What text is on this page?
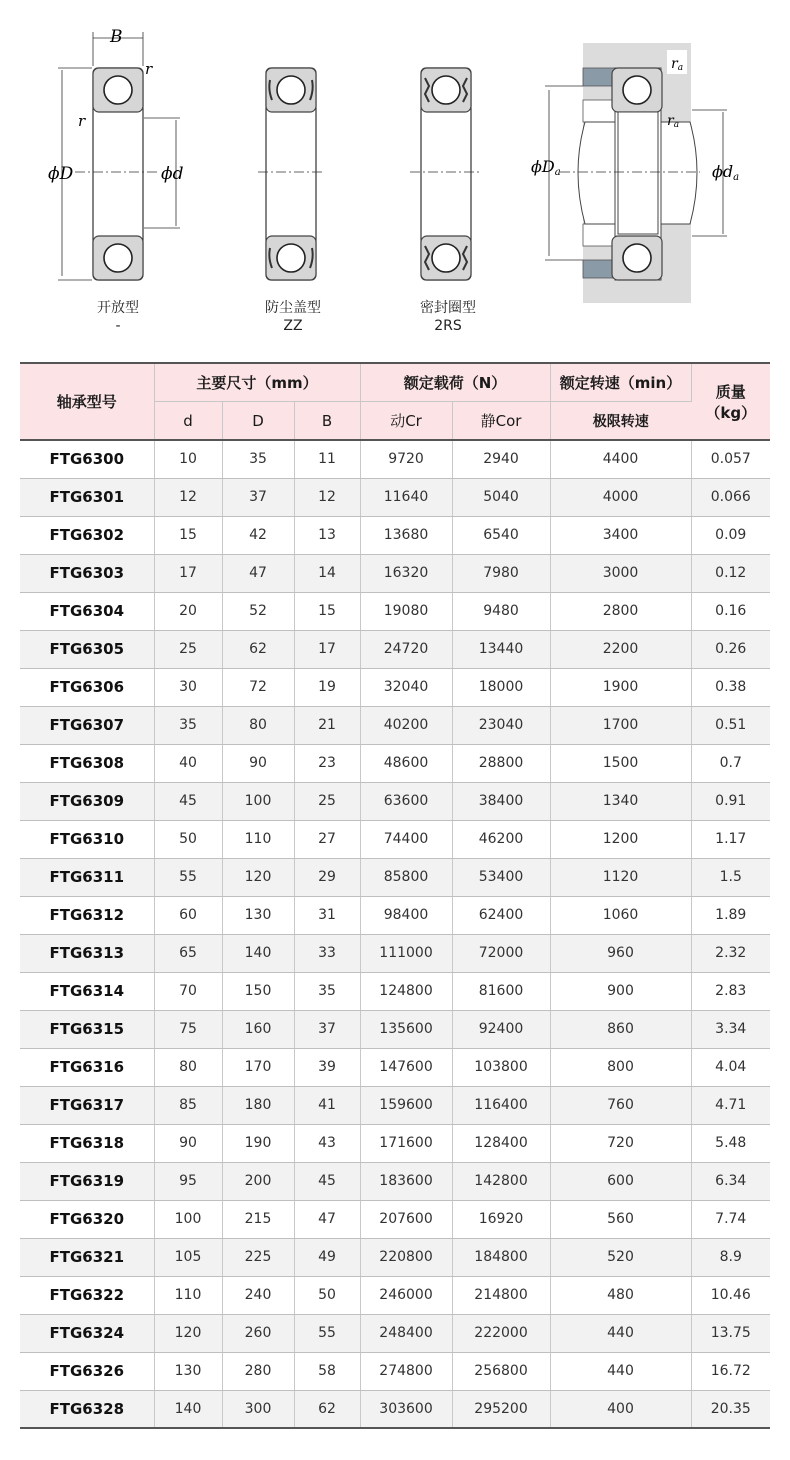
B
r
r
ϕD	ϕd
ra
ra
ϕDa	ϕda
开放型
-
防尘盖型
ZZ
密封圈型
2RS
轴承型号	主要尺寸（mm）			额定载荷（N）		额定转速（min）	质量
（kg）
	d	D	B	动Cr	静Cor	极限转速	
FTG6300	10	35	11	9720	2940	4400	0.057
FTG6301	12	37	12	11640	5040	4000	0.066
FTG6302	15	42	13	13680	6540	3400	0.09
FTG6303	17	47	14	16320	7980	3000	0.12
FTG6304	20	52	15	19080	9480	2800	0.16
FTG6305	25	62	17	24720	13440	2200	0.26
FTG6306	30	72	19	32040	18000	1900	0.38
FTG6307	35	80	21	40200	23040	1700	0.51
FTG6308	40	90	23	48600	28800	1500	0.7
FTG6309	45	100	25	63600	38400	1340	0.91
FTG6310	50	110	27	74400	46200	1200	1.17
FTG6311	55	120	29	85800	53400	1120	1.5
FTG6312	60	130	31	98400	62400	1060	1.89
FTG6313	65	140	33	111000	72000	960	2.32
FTG6314	70	150	35	124800	81600	900	2.83
FTG6315	75	160	37	135600	92400	860	3.34
FTG6316	80	170	39	147600	103800	800	4.04
FTG6317	85	180	41	159600	116400	760	4.71
FTG6318	90	190	43	171600	128400	720	5.48
FTG6319	95	200	45	183600	142800	600	6.34
FTG6320	100	215	47	207600	16920	560	7.74
FTG6321	105	225	49	220800	184800	520	8.9
FTG6322	110	240	50	246000	214800	480	10.46
FTG6324	120	260	55	248400	222000	440	13.75
FTG6326	130	280	58	274800	256800	440	16.72
FTG6328	140	300	62	303600	295200	400	20.35
